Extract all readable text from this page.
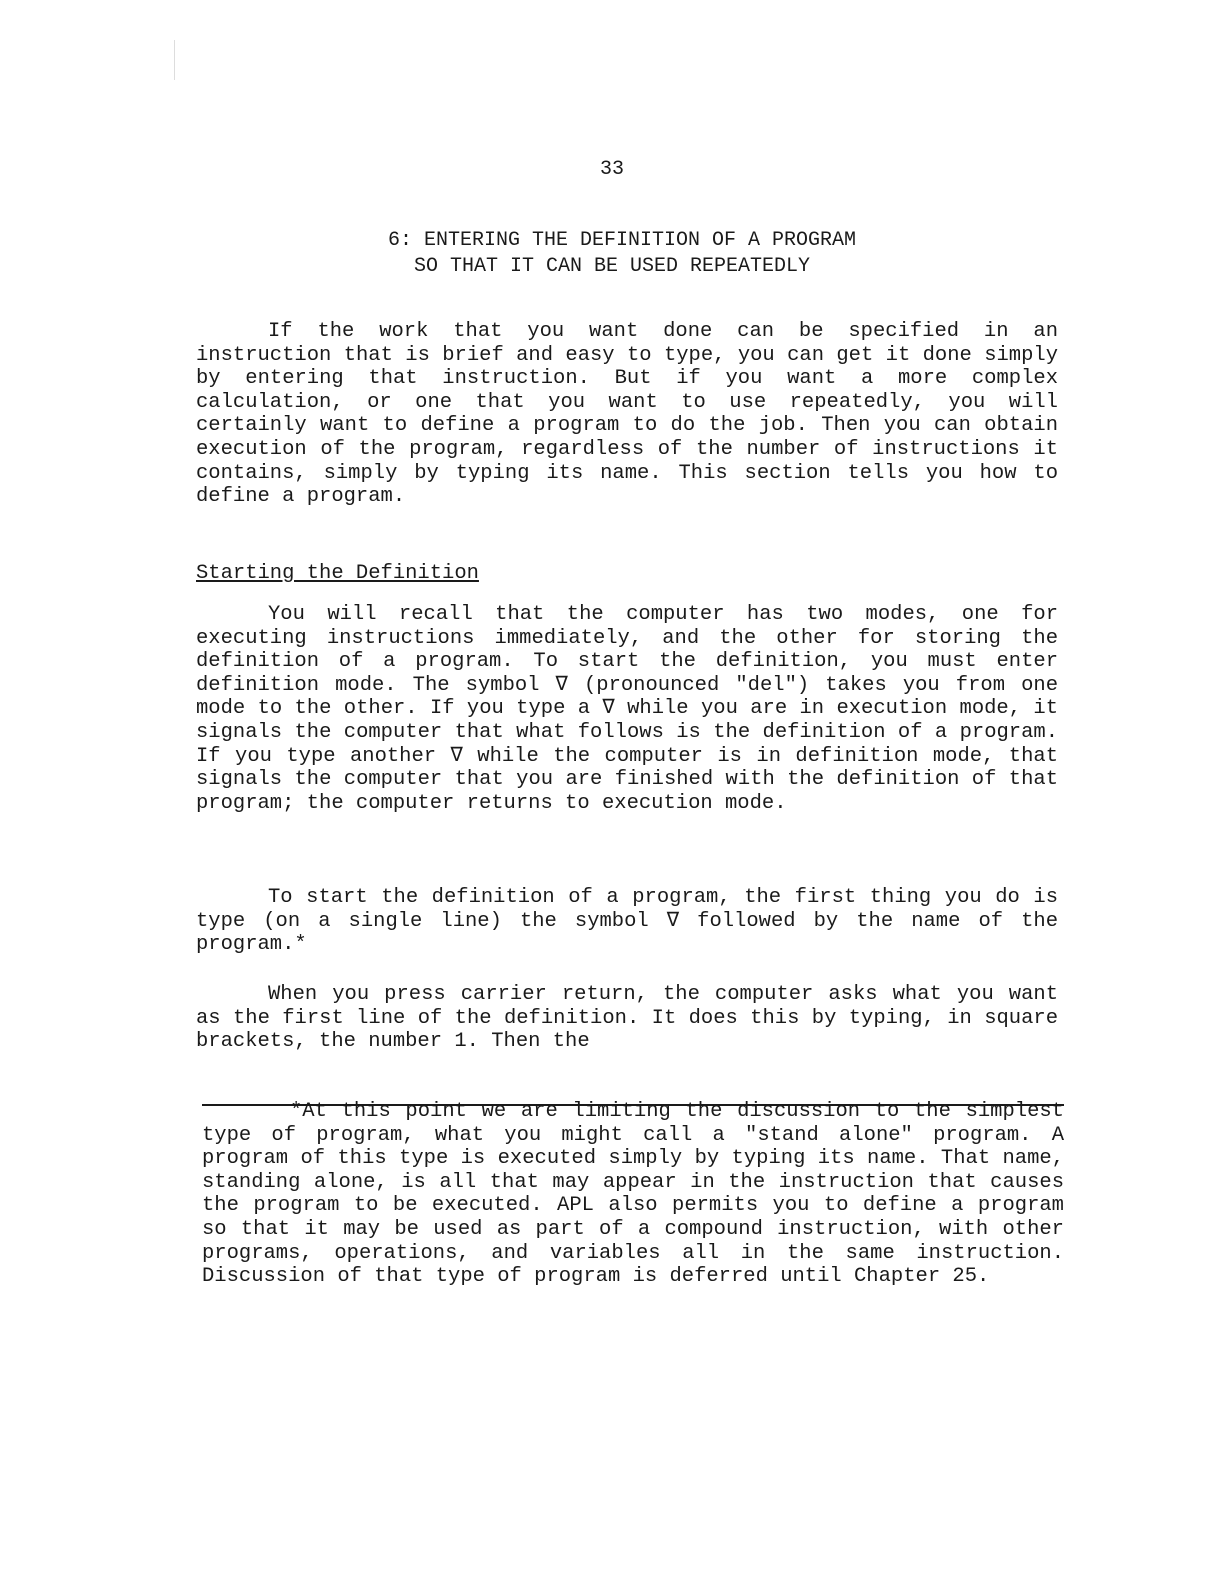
33
6: ENTERING THE DEFINITION OF A PROGRAM
SO THAT IT CAN BE USED REPEATEDLY

If the work that you want done can be specified in an instruction that is brief and easy to type, you can get it done simply by entering that instruction. But if you want a more complex calculation, or one that you want to use repeatedly, you will certainly want to define a program to do the job. Then you can obtain execution of the program, regardless of the number of instructions it contains, simply by typing its name. This section tells you how to define a program.

Starting the Definition

You will recall that the computer has two modes, one for executing instructions immediately, and the other for storing the definition of a program. To start the definition, you must enter definition mode. The symbol ∇ (pronounced "del") takes you from one mode to the other. If you type a ∇ while you are in execution mode, it signals the computer that what follows is the definition of a program. If you type another ∇ while the computer is in definition mode, that signals the computer that you are finished with the definition of that program; the computer returns to execution mode.

To start the definition of a program, the first thing you do is type (on a single line) the symbol ∇ followed by the name of the program.*

When you press carrier return, the computer asks what you want as the first line of the definition. It does this by typing, in square brackets, the number 1. Then the

*At this point we are limiting the discussion to the simplest type of program, what you might call a "stand alone" program. A program of this type is executed simply by typing its name. That name, standing alone, is all that may appear in the instruction that causes the program to be executed. APL also permits you to define a program so that it may be used as part of a compound instruction, with other programs, operations, and variables all in the same instruction. Discussion of that type of program is deferred until Chapter 25.
